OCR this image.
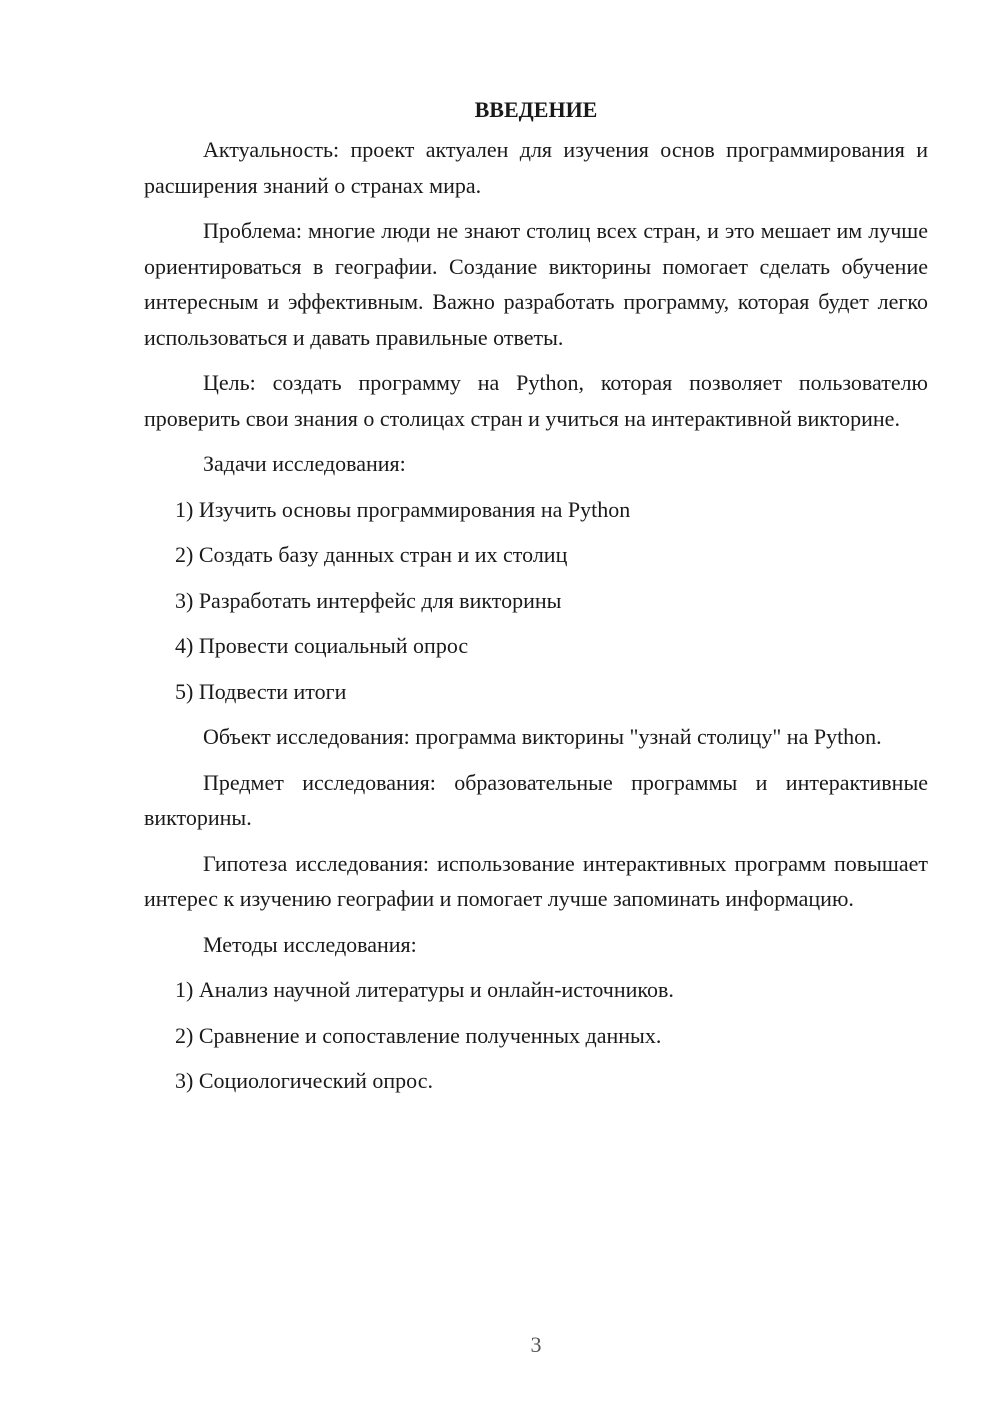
ВВЕДЕНИЕ

Актуальность: проект актуален для изучения основ программирования и расширения знаний о странах мира.

Проблема: многие люди не знают столиц всех стран, и это мешает им лучше ориентироваться в географии. Создание викторины помогает сделать обучение интересным и эффективным. Важно разработать программу, которая будет легко использоваться и давать правильные ответы.

Цель: создать программу на Python, которая позволяет пользователю проверить свои знания о столицах стран и учиться на интерактивной викторине.

Задачи исследования:

1) Изучить основы программирования на Python
2) Создать базу данных стран и их столиц
3) Разработать интерфейс для викторины
4) Провести социальный опрос
5) Подвести итоги

Объект исследования: программа викторины "узнай столицу" на Python.

Предмет исследования: образовательные программы и интерактивные викторины.

Гипотеза исследования: использование интерактивных программ повышает интерес к изучению географии и помогает лучше запоминать информацию.

Методы исследования:

1) Анализ научной литературы и онлайн-источников.
2) Сравнение и сопоставление полученных данных.
3) Социологический опрос.
3
